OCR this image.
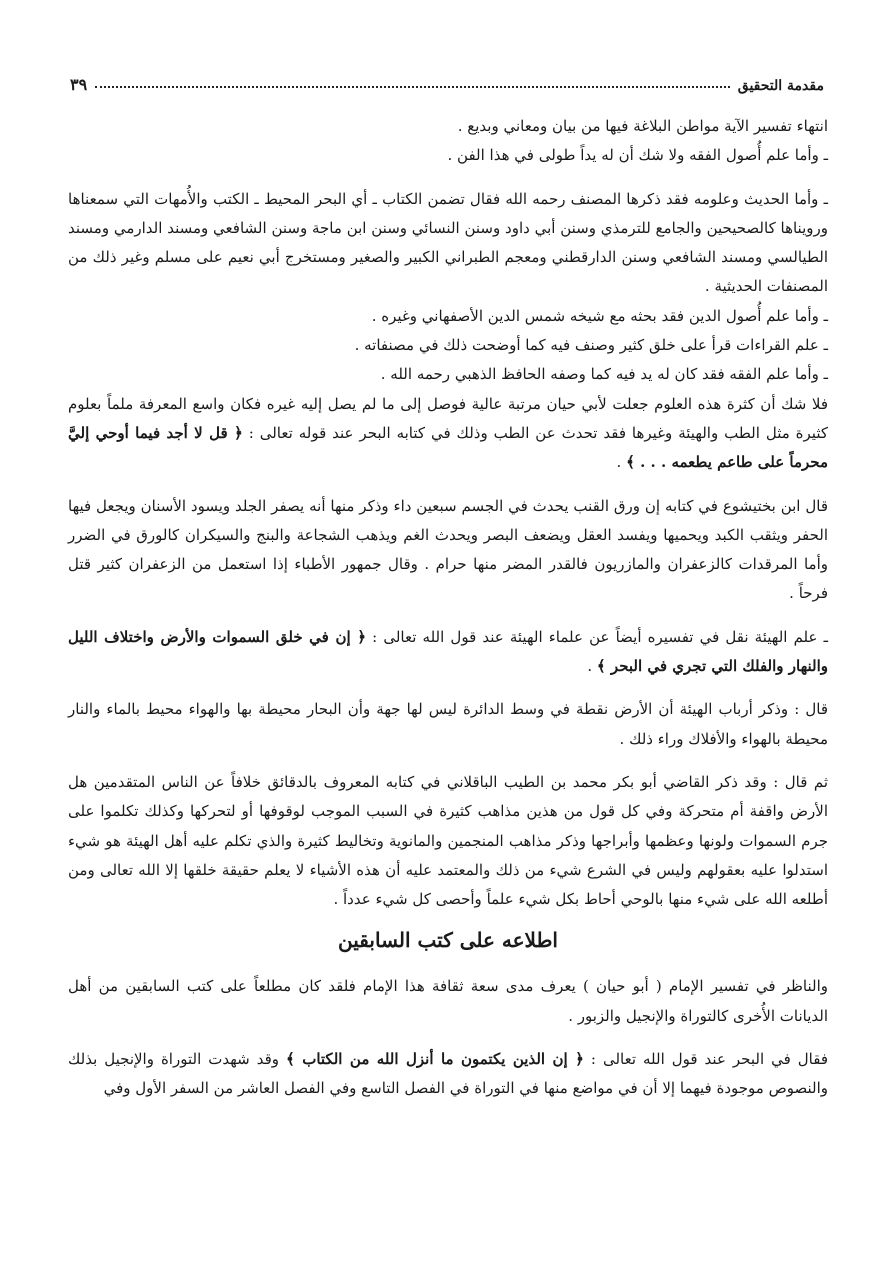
مقدمة التحقيق
٣٩

انتهاء تفسير الآية مواطن البلاغة فيها من بيان ومعاني وبديع .

ـ وأما علم أُصول الفقه ولا شك أن له يداً طولى في هذا الفن .

ـ وأما الحديث وعلومه فقد ذكرها المصنف رحمه الله فقال تضمن الكتاب ـ أي البحر المحيط ـ الكتب والأُمهات التي سمعناها ورويناها كالصحيحين والجامع للترمذي وسنن أبي داود وسنن النسائي وسنن ابن ماجة وسنن الشافعي ومسند الدارمي ومسند الطيالسي ومسند الشافعي وسنن الدارقطني ومعجم الطبراني الكبير والصغير ومستخرج أبي نعيم على مسلم وغير ذلك من المصنفات الحديثية .

ـ وأما علم أُصول الدين فقد بحثه مع شيخه شمس الدين الأصفهاني وغيره .

ـ علم القراءات قرأ على خلق كثير وصنف فيه كما أوضحت ذلك في مصنفاته .

ـ وأما علم الفقه فقد كان له يد فيه كما وصفه الحافظ الذهبي رحمه الله .

فلا شك أن كثرة هذه العلوم جعلت لأبي حيان مرتبة عالية فوصل إلى ما لم يصل إليه غيره فكان واسع المعرفة ملماً بعلوم كثيرة مثل الطب والهيئة وغيرها فقد تحدث عن الطب وذلك في كتابه البحر عند قوله تعالى : ﴿ قل لا أجد فيما أوحي إليَّ محرماً على طاعم يطعمه . . . ﴾ .

قال ابن بختيشوع في كتابه إن ورق القنب يحدث في الجسم سبعين داء وذكر منها أنه يصفر الجلد ويسود الأسنان ويجعل فيها الحفر ويثقب الكبد ويحميها ويفسد العقل ويضعف البصر ويحدث الغم ويذهب الشجاعة والبنج والسيكران كالورق في الضرر وأما المرقدات كالزعفران والمازريون فالقدر المضر منها حرام . وقال جمهور الأطباء إذا استعمل من الزعفران كثير قتل فرحاً .

ـ علم الهيئة نقل في تفسيره أيضاً عن علماء الهيئة عند قول الله تعالى : ﴿ إن في خلق السموات والأرض واختلاف الليل والنهار والفلك التي تجري في البحر ﴾ .

قال : وذكر أرباب الهيئة أن الأرض نقطة في وسط الدائرة ليس لها جهة وأن البحار محيطة بها والهواء محيط بالماء والنار محيطة بالهواء والأفلاك وراء ذلك .

ثم قال : وقد ذكر القاضي أبو بكر محمد بن الطيب الباقلاني في كتابه المعروف بالدقائق خلافاً عن الناس المتقدمين هل الأرض واقفة أم متحركة وفي كل قول من هذين مذاهب كثيرة في السبب الموجب لوقوفها أو لتحركها وكذلك تكلموا على جرم السموات ولونها وعظمها وأبراجها وذكر مذاهب المنجمين والمانوية وتخاليط كثيرة والذي تكلم عليه أهل الهيئة هو شيء استدلوا عليه بعقولهم وليس في الشرع شيء من ذلك والمعتمد عليه أن هذه الأشياء لا يعلم حقيقة خلقها إلا الله تعالى ومن أطلعه الله على شيء منها بالوحي أحاط بكل شيء علماً وأحصى كل شيء عدداً .

اطلاعه على كتب السابقين

والناظر في تفسير الإمام ( أبو حيان ) يعرف مدى سعة ثقافة هذا الإمام فلقد كان مطلعاً على كتب السابقين من أهل الديانات الأُخرى كالتوراة والإنجيل والزبور .

فقال في البحر عند قول الله تعالى : ﴿ إن الذين يكتمون ما أنزل الله من الكتاب ﴾ وقد شهدت التوراة والإنجيل بذلك والنصوص موجودة فيهما إلا أن في مواضع منها في التوراة في الفصل التاسع وفي الفصل العاشر من السفر الأول وفي
